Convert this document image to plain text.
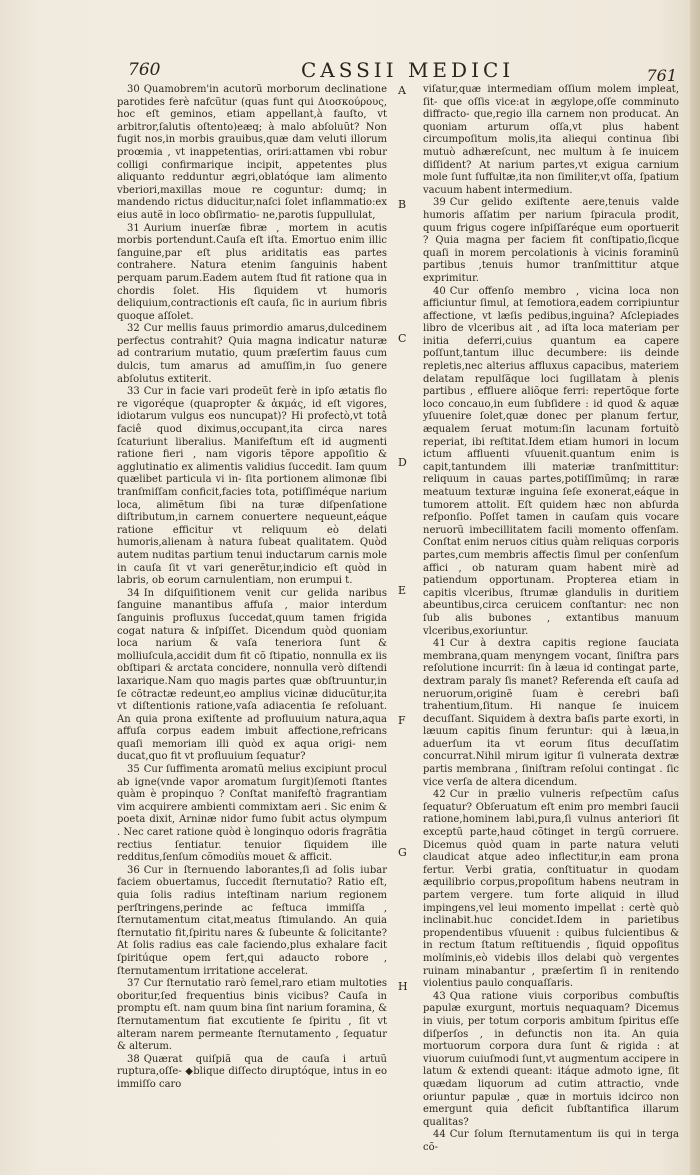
760	CASSII MEDICI	761

30 Quamobrem'in acutorũ morborum declinatione parotides ferè nafcũtur (quas funt qui Διοσκούρους, hoc eſt geminos, etiam appellant,à fauſto, vt arbitror,ſalutis oſtento)eæq; à malo abſoluũt? Non fugit nos,in morbis grauibus,quæ dam veluti illorum proœmia , vt inappetentias, oriri:attamen vbi robur colligi confirmarique incipit, appetentes plus aliquanto redduntur ægri,oblatóque iam alimento vberiori,maxillas moue re coguntur: dumq; in mandendo rictus diducitur,naſci ſolet inflammatio:ex eius autẽ in loco obſirmatio- ne,parotis ſuppullulat,

31 Aurium inuerſæ fibræ , mortem in acutis morbis portendunt.Cauſa eſt iſta. Emortuo enim illic ſanguine,par eſt plus ariditatis eas partes contrahere. Natura etenim ſanguinis habent perquam parum.Eadem autem ſtud fit ratione qua in chordis ſolet. His ſiquidem vt humoris deliquium,contractionis eſt cauſa, ſic in aurium fibris quoque aſſolet.

32 Cur mellis fauus primordio amarus,dulcedinem perfectus contrahit? Quia magna indicatur naturæ ad contrarium mutatio, quum præſertim fauus cum dulcis, tum amarus ad amuſſim,in ſuo genere abſolutus extiterit.

33 Cur in facie vari prodeũt ferè in ipſo ætatis flo re vigoréque (quapropter & ἀκμάς, id eſt vigores, idiotarum vulgus eos nuncupat)? Hi profectò,vt totâ faciê quod diximus,occupant,ita circa nares ſcaturiunt liberalius. Manifeſtum eſt id augmenti ratione fieri , nam vigoris tẽpore appoſitio & agglutinatio ex alimentis validius ſuccedit. Iam quum quælibet particula vi in- ſita portionem alimonæ ſibi tranſmiſſam conficit,facies tota, potiſſiméque narium loca, alimẽtum ſibi na turæ diſpenſatione diſtributum,in carnem conuertere nequeunt,eáque ratione efficitur vt reliquum eò delati humoris,alienam à natura ſubeat qualitatem. Quòd autem nuditas partium tenui inductarum carnis mole in cauſa ſit vt vari generẽtur,indicio eſt quòd in labris, ob eorum carnulentiam, non erumpui t.

34 In diſquiſitionem venit cur gelida naribus ſanguine manantibus affuſa , maior interdum ſanguinis profluxus ſuccedat,quum tamen frigida cogat natura & inſpiſſet. Dicendum quòd quoniam loca narium & vaſa teneriora ſunt & molliuſcula,accidit dum fit cõ ſtipatio, nonnulla ex iis obſtipari & arctata concidere, nonnulla verò diſtendi laxarique.Nam quo magis partes quæ obſtruuntur,in ſe cõtractæ redeunt,eo amplius vicinæ diducũtur,ita vt diſtentionis ratione,vaſa adiacentia ſe reſoluant. An quia prona exiſtente ad profluuium natura,aqua affuſa corpus eadem imbuit affectione,refricans quaſi memoriam illi quòd ex aqua origi- nem ducat,quo fit vt profluuium ſequatur?

35 Cur ſuffimenta aromatũ melius excipiunt procul ab igne(vnde vapor aromatum ſurgit)ſemoti ſtantes quàm è propinquo ? Conſtat manifeſtò fragrantiam vim acquirere ambienti commixtam aeri . Sic enim & poeta dixit, Arninæ nidor fumo ſubit actus olympum . Nec caret ratione quòd è longinquo odoris fragrãtia rectius ſentiatur. tenuior ſiquidem ille redditus,ſenſum cõmodiùs mouet & afficit.

36 Cur in ſternuendo laborantes,ſi ad ſolis iubar faciem obuertamus, ſuccedit ſternutatio? Ratio eſt, quia ſolis radius inteſtinam narium regionem perſtringens,perinde ac feſtuca immiſſa , ſternutamentum citat,meatus ſtimulando. An quia ſternutatio fit,ſpiritu nares & ſubeunte & ſolicitante? At ſolis radius eas cale faciendo,plus exhalare facit ſpiritúque opem fert,qui adaucto robore , ſternutamentum irritatione accelerat.

37 Cur ſternutatio rarò ſemel,raro etiam multoties oboritur,ſed frequentius binis vicibus? Cauſa in promptu eſt. nam quum bina ſint narium foramina, & ſternutamentum fiat excutiente ſe ſpiritu , ſit vt alteram narem permeante ſternutamento , ſequatur & alterum.

38 Quærat quiſpiã qua de cauſa i artuũ ruptura,oſſe- ◆blique diſſecto diruptóque, intus in eo immiſſo caro

A
B
C
D
E
F
G
H

viſatur,quæ intermediam oſſium molem impleat, ſit- que oſſis vice:at in ægylope,oſſe comminuto diffracto- que,regio illa carnem non producat. An quoniam arturum oſſa,vt plus habent circumpoſitum molis,ita aliequi continua ſibi mutuò adhæreſcunt, nec multum à ſe inuicem diſſident? At narium partes,vt exigua carnium mole ſunt ſuffultæ,ita non ſimiliter,vt oſſa, ſpatium vacuum habent intermedium.

39 Cur gelido exiſtente aere,tenuis valde humoris aſſatim per narium ſpiracula prodit, quum frigus cogere inſpiſſaréque eum oportuerit ? Quia magna per faciem fit conſtipatio,ſicque quaſi in morem percolationis à vicinis foraminũ partibus ,tenuis humor tranſmittitur atque exprimitur.

40 Cur offenſo membro , vicina loca non afficiuntur ſimul, at ſemotiora,eadem corripiuntur affectione, vt læſis pedibus,inguina? Aſclepiades libro de vlceribus ait , ad iſta loca materiam per initia deferri,cuius quantum ea capere poſſunt,tantum illuc decumbere: iis deinde repletis,nec alterius affluxus capacibus, materiem delatam repulſãque loci ſugillatam à plenis partibus , effluere aliõque ferri: repertõque forte loco concauo,in eum ſubſidere : id quod & aquæ yſuuenire ſolet,quæ donec per planum fertur, æqualem ſeruat motum:ſin lacunam fortuitò reperiat, ibi reſtitat.Idem etiam humori in locum ictum affluenti vſuuenit.quantum enim is capit,tantundem illi materiæ tranſmittitur: reliquum in cauas partes,potiſſimũmq; in raræ meatuum texturæ inguina ſeſe exonerat,eáque in tumorem attolit. Eſt quidem hæc non abſurda reſponſio. Poſſet tamen in cauſam quis vocare neruorũ imbecillitatem facili momento offenſam. Conſtat enim neruos citius quàm reliquas corporis partes,cum membris affectis ſimul per conſenſum affici , ob naturam quam habent mirè ad patiendum opportunam. Propterea etiam in capitis vlceribus, ſtrumæ glandulis in duritiem abeuntibus,circa ceruicem conſtantur: nec non ſub alis bubones , extantibus manuum vlceribus,exoriuntur.

41 Cur à dextra capitis regione ſauciata membrana,quam menyngem vocant, ſiniſtra pars reſolutione incurrit: ſin à læua id contingat parte, dextram paraly ſis manet? Referenda eſt cauſa ad neruorum,originẽ ſuam è cerebri baſi trahentium,ſitum. Hi nanque ſe inuicem decuſſant. Siquidem à dextra baſis parte exorti, in læuum capitis ſinum feruntur: qui à læua,in aduerſum ita vt eorum ſitus decuſſatim concurrat.Nihil mirum igitur ſi vulnerata dextræ partis membrana , ſiniſtram reſolui contingat . ſic vice verſa de altera dicendum.

42 Cur in prælio vulneris reſpectũm caſus ſequatur? Obſeruatum eſt enim pro membri ſaucii ratione,hominem labi,pura,ſi vulnus anteriori ſit exceptũ parte,haud cõtinget in tergũ corruere. Dicemus quòd quam in parte natura veluti claudicat atque adeo inflectitur,in eam prona fertur. Verbi gratia, conſtituatur in quodam æquilibrio corpus,propoſitum habens neutram in partem vergere. tum forte aliquid in illud impingens,vel leui momento impellat : certè quò inclinabit.huc concidet.Idem in parietibus propendentibus vſuuenit : quibus fulcientibus & in rectum ſtatum reſtituendis , ſiquid oppoſitus molíminis,eò videbis illos delabi quò vergentes ruinam minabantur , præſertim ſi in renitendo violentius paulo conquaſſaris.

43 Qua ratione viuis corporibus combuſtis papulæ exurgunt, mortuis nequaquam? Dicemus in viuis, per totum corporis ambitum ſpiritus eſſe diſperſos , in defunctis non ita. An quia mortuorum corpora dura ſunt & rigida : at viuorum cuiuſmodi ſunt,vt augmentum accipere in latum & extendi queant: itáque admoto igne, ſit quædam liquorum ad cutim attractio, vnde oriuntur papulæ , quæ in mortuis idcirco non emergunt quia deficit ſubſtantifica illarum qualitas?

44 Cur ſolum ſternutamentum iis qui in terga cõ-
